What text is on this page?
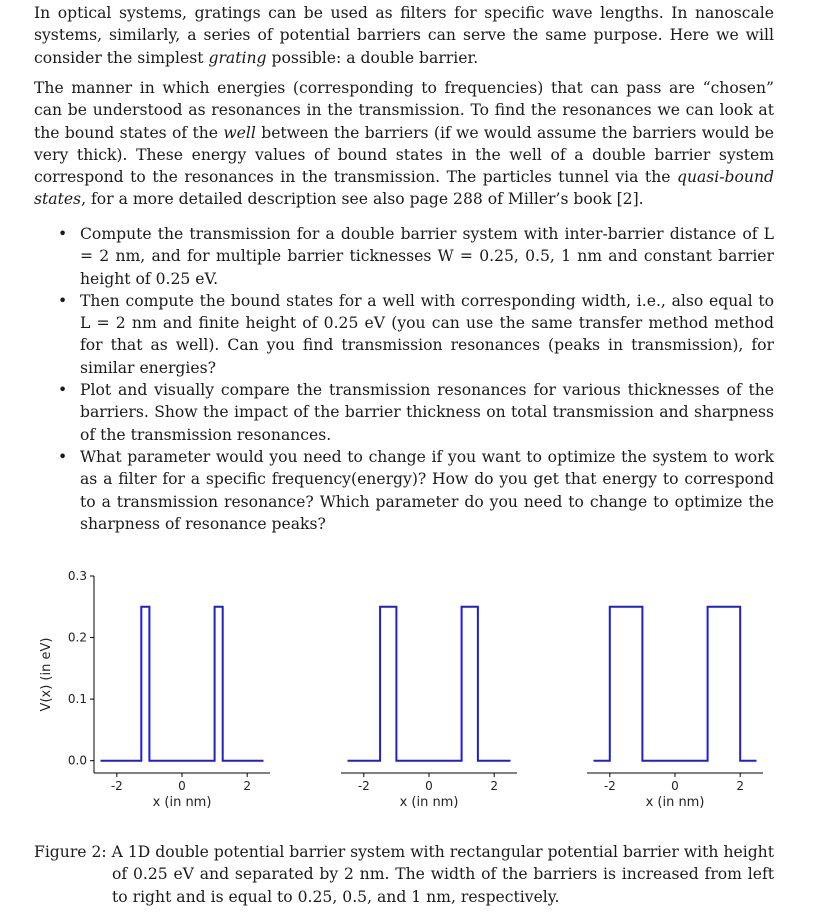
In optical systems, gratings can be used as filters for specific wave lengths. In nanoscale systems, similarly, a series of potential barriers can serve the same purpose. Here we will consider the simplest grating possible: a double barrier.
The manner in which energies (corresponding to frequencies) that can pass are “chosen” can be understood as resonances in the transmission. To find the resonances we can look at the bound states of the well between the barriers (if we would assume the barriers would be very thick). These energy values of bound states in the well of a double barrier system correspond to the resonances in the transmission. The particles tunnel via the quasi-bound states, for a more detailed description see also page 288 of Miller’s book [2].
• Compute the transmission for a double barrier system with inter-barrier distance of L = 2 nm, and for multiple barrier ticknesses W = 0.25, 0.5, 1 nm and constant barrier height of 0.25 eV.
• Then compute the bound states for a well with corresponding width, i.e., also equal to L = 2 nm and finite height of 0.25 eV (you can use the same transfer method method for that as well). Can you find transmission resonances (peaks in transmission), for similar energies?
• Plot and visually compare the transmission resonances for various thicknesses of the barriers. Show the impact of the barrier thickness on total transmission and sharpness of the transmission resonances.
• What parameter would you need to change if you want to optimize the system to work as a filter for a specific frequency(energy)? How do you get that energy to correspond to a transmission resonance? Which parameter do you need to change to optimize the sharpness of resonance peaks?
-2	0	2
x (in nm)
0.0
0.1
0.2
0.3
V(x) (in eV)
-2	0	2
x (in nm)
-2	0	2
x (in nm)
Figure 2: A 1D double potential barrier system with rectangular potential barrier with height of 0.25 eV and separated by 2 nm. The width of the barriers is increased from left to right and is equal to 0.25, 0.5, and 1 nm, respectively.
